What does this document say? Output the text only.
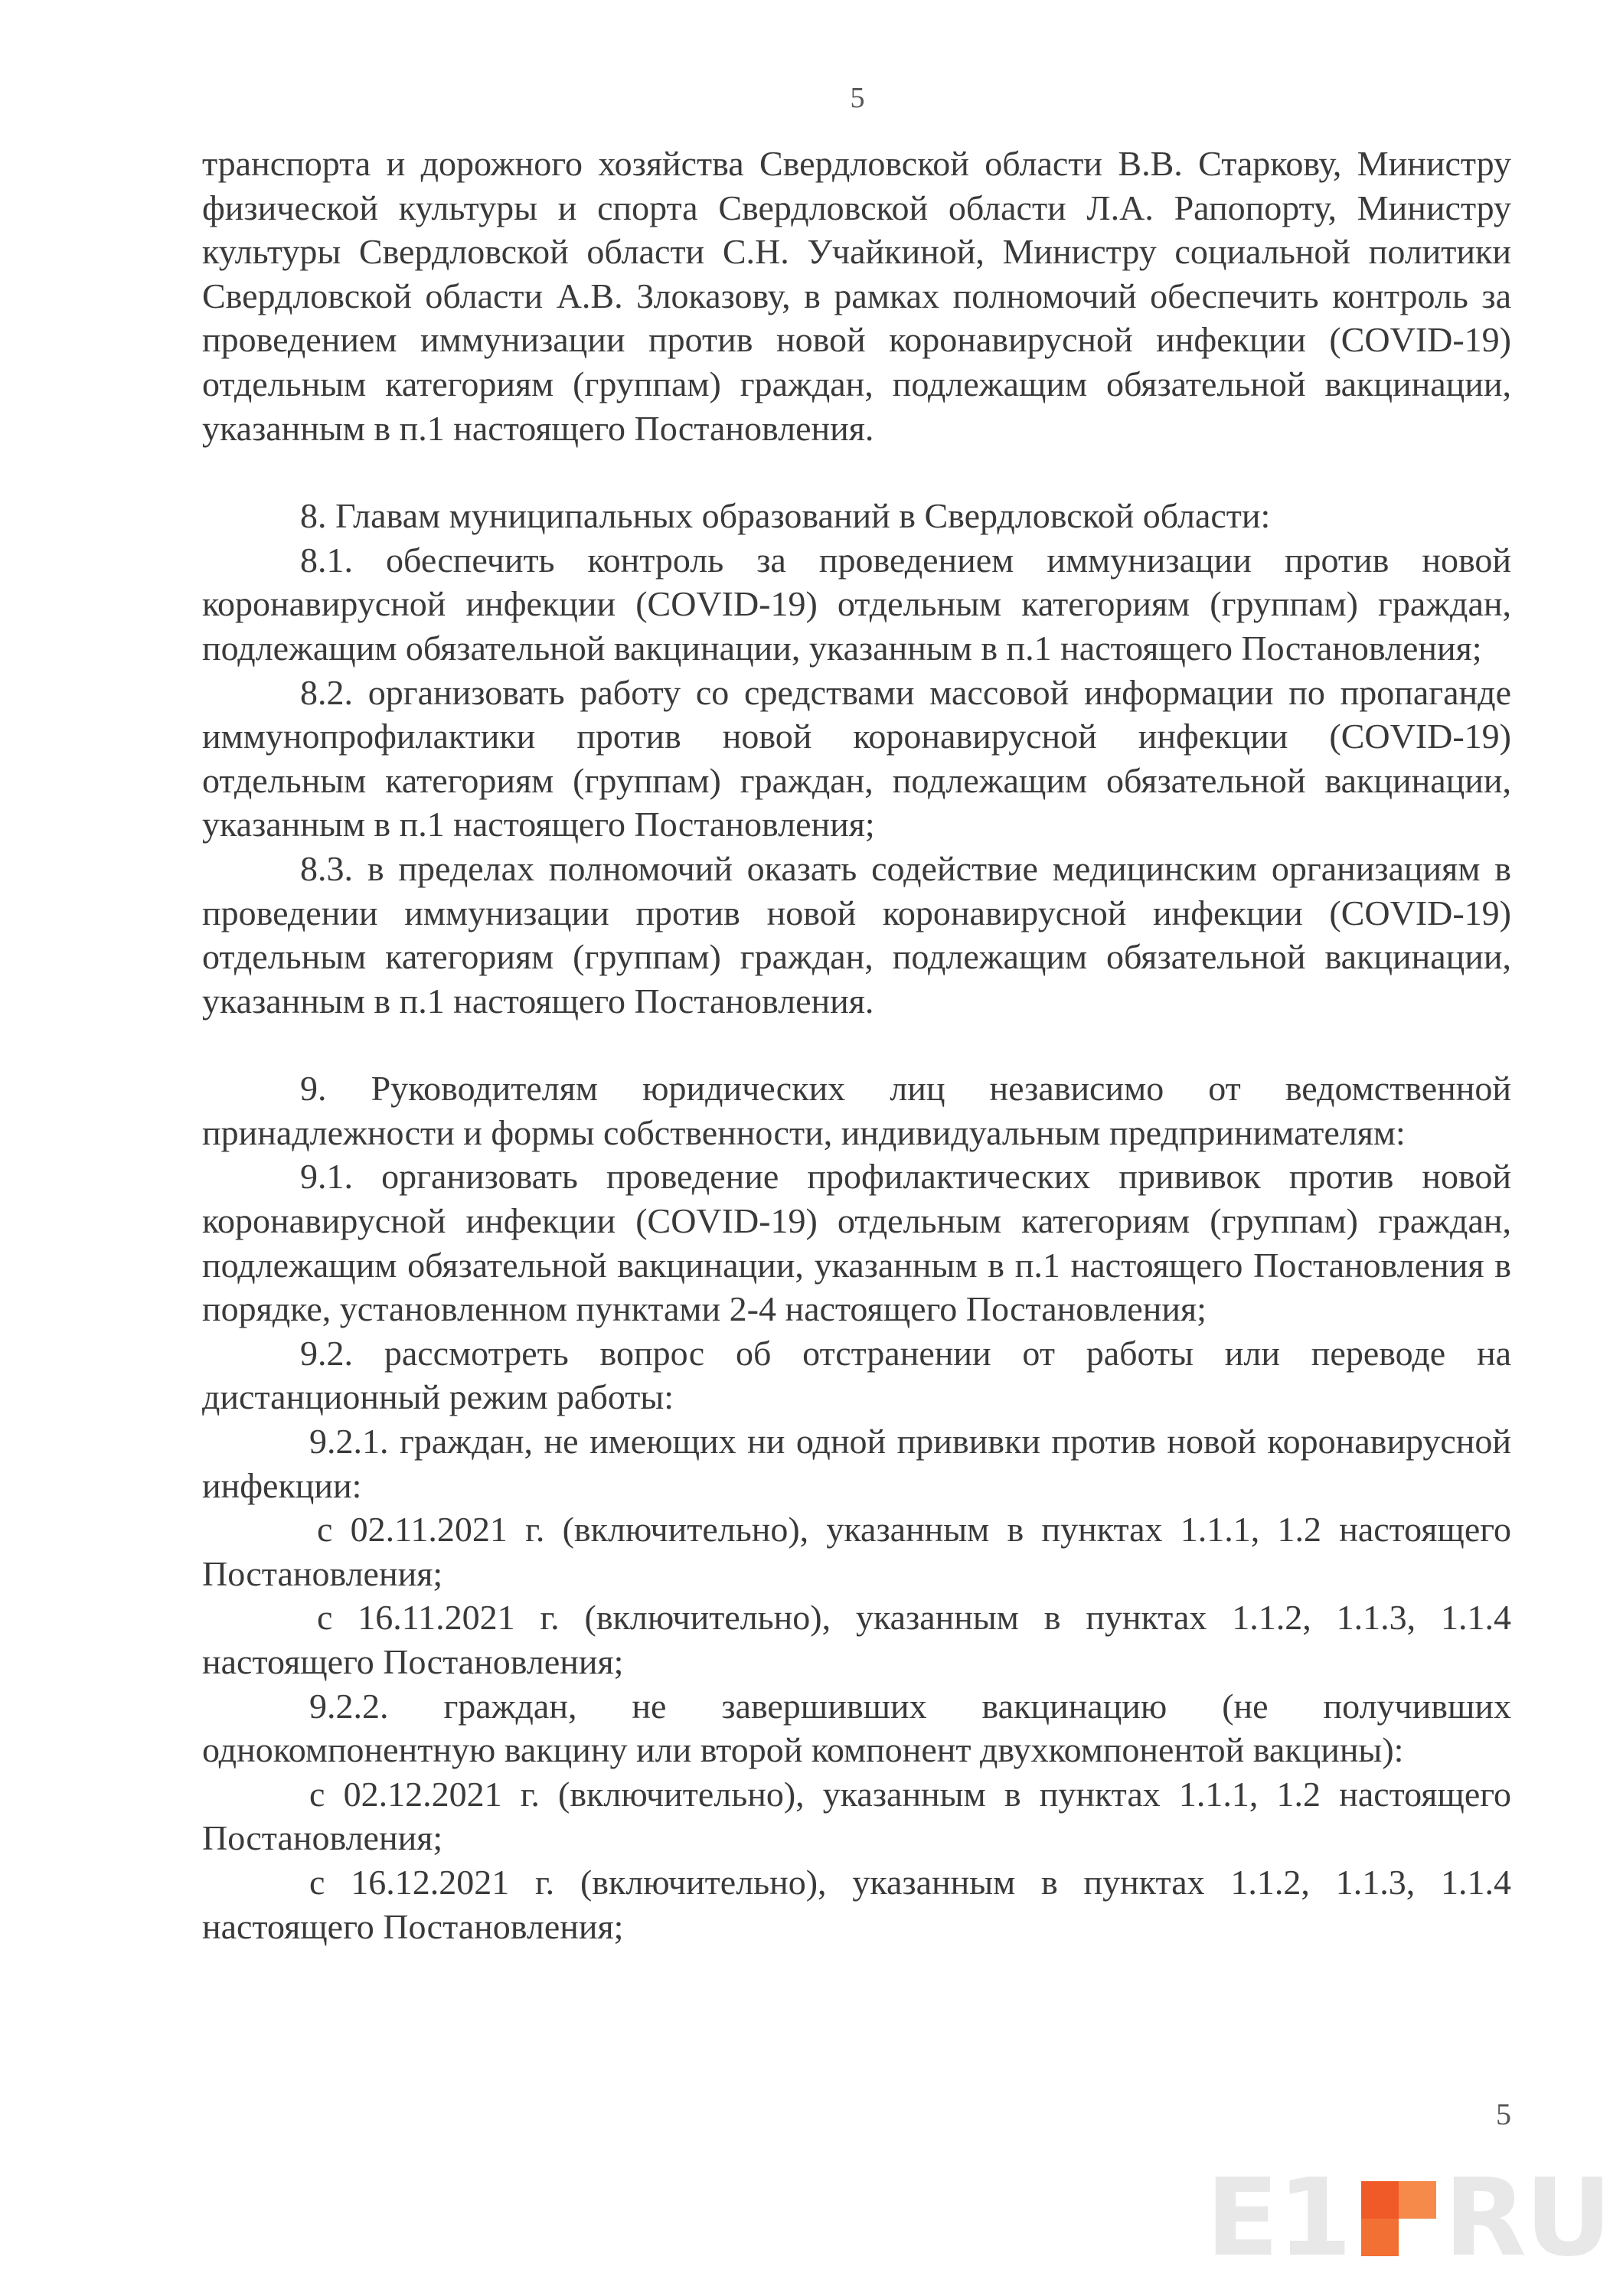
5

транспорта и дорожного хозяйства Свердловской области В.В. Старкову, Министру физической культуры и спорта Свердловской области Л.А. Рапопорту, Министру культуры Свердловской области С.Н. Учайкиной, Министру социальной политики Свердловской области А.В. Злоказову, в рамках полномочий обеспечить контроль за проведением иммунизации против новой коронавирусной инфекции (COVID-19) отдельным категориям (группам) граждан, подлежащим обязательной вакцинации, указанным в п.1 настоящего Постановления.

8. Главам муниципальных образований в Свердловской области:

8.1. обеспечить контроль за проведением иммунизации против новой коронавирусной инфекции (COVID-19) отдельным категориям (группам) граждан, подлежащим обязательной вакцинации, указанным в п.1 настоящего Постановления;

8.2. организовать работу со средствами массовой информации по пропаганде иммунопрофилактики против новой коронавирусной инфекции (COVID-19) отдельным категориям (группам) граждан, подлежащим обязательной вакцинации, указанным в п.1 настоящего Постановления;

8.3. в пределах полномочий оказать содействие медицинским организациям в проведении иммунизации против новой коронавирусной инфекции (COVID-19) отдельным категориям (группам) граждан, подлежащим обязательной вакцинации, указанным в п.1 настоящего Постановления.

9. Руководителям юридических лиц независимо от ведомственной принадлежности и формы собственности, индивидуальным предпринимателям:

9.1. организовать проведение профилактических прививок против новой коронавирусной инфекции (COVID-19) отдельным категориям (группам) граждан, подлежащим обязательной вакцинации, указанным в п.1 настоящего Постановления в порядке, установленном пунктами 2-4 настоящего Постановления;

9.2. рассмотреть вопрос об отстранении от работы или переводе на дистанционный режим работы:

9.2.1. граждан, не имеющих ни одной прививки против новой коронавирусной инфекции:

с 02.11.2021 г. (включительно), указанным в пунктах 1.1.1, 1.2 настоящего Постановления;

с 16.11.2021 г. (включительно), указанным в пунктах 1.1.2, 1.1.3, 1.1.4 настоящего Постановления;

9.2.2. граждан, не завершивших вакцинацию (не получивших однокомпонентную вакцину или второй компонент двухкомпонентой вакцины):

с 02.12.2021 г. (включительно), указанным в пунктах 1.1.1, 1.2 настоящего Постановления;

с 16.12.2021 г. (включительно), указанным в пунктах 1.1.2, 1.1.3, 1.1.4 настоящего Постановления;

5
E1 RU
